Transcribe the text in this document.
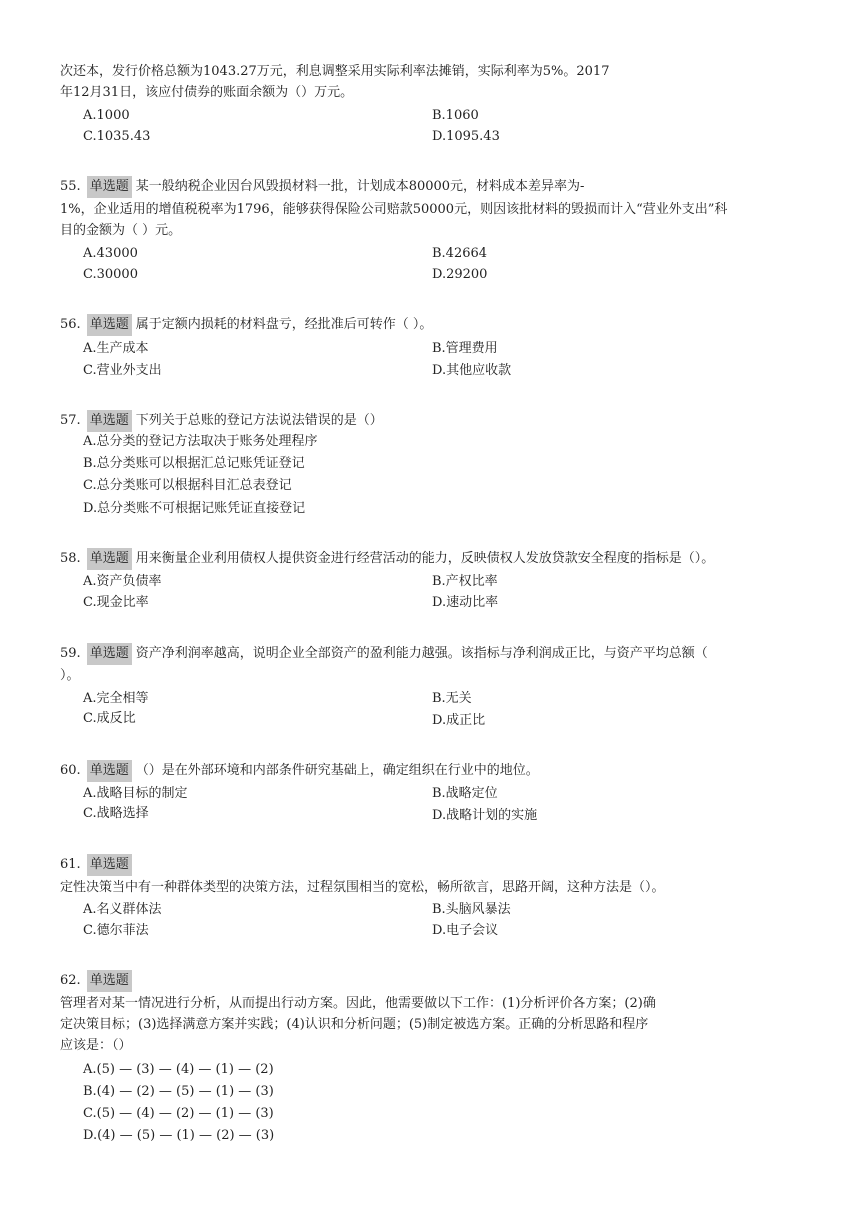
次还本，发行价格总额为1043.27万元，利息调整采用实际利率法摊销，实际利率为5%。2017
年12月31日，该应付债券的账面余额为（）万元。
A.1000	B.1060
C.1035.43	D.1095.43
55. 单选题 某一般纳税企业因台风毁损材料一批，计划成本80000元，材料成本差异率为-
1%，企业适用的增值税税率为1796，能够获得保险公司赔款50000元，则因该批材料的毁损而计入“营业外支出”科
目的金额为（ ）元。
A.43000	B.42664
C.30000	D.29200
56. 单选题 属于定额内损耗的材料盘亏，经批准后可转作（ ）。
A.生产成本	B.管理费用
C.营业外支出	D.其他应收款
57. 单选题 下列关于总账的登记方法说法错误的是（）
A.总分类的登记方法取决于账务处理程序
B.总分类账可以根据汇总记账凭证登记
C.总分类账可以根据科目汇总表登记
D.总分类账不可根据记账凭证直接登记
58. 单选题 用来衡量企业利用债权人提供资金进行经营活动的能力，反映债权人发放贷款安全程度的指标是（）。
A.资产负债率	B.产权比率
C.现金比率	D.速动比率
59. 单选题 资产净利润率越高，说明企业全部资产的盈利能力越强。该指标与净利润成正比，与资产平均总额（
）。
A.完全相等	B.无关
C.成反比	D.成正比
60. 单选题 （）是在外部环境和内部条件研究基础上，确定组织在行业中的地位。
A.战略目标的制定	B.战略定位
C.战略选择	D.战略计划的实施
61. 单选题
定性决策当中有一种群体类型的决策方法，过程氛围相当的宽松，畅所欲言，思路开阔，这种方法是（）。
A.名义群体法	B.头脑风暴法
C.德尔菲法	D.电子会议
62. 单选题
管理者对某一情况进行分析，从而提出行动方案。因此，他需要做以下工作：(1)分析评价各方案；(2)确
定决策目标；(3)选择满意方案并实践；(4)认识和分析问题；(5)制定被选方案。正确的分析思路和程序
应该是：（）
A.(5) — (3) — (4) — (1) — (2)
B.(4) — (2) — (5) — (1) — (3)
C.(5) — (4) — (2) — (1) — (3)
D.(4) — (5) — (1) — (2) — (3)
